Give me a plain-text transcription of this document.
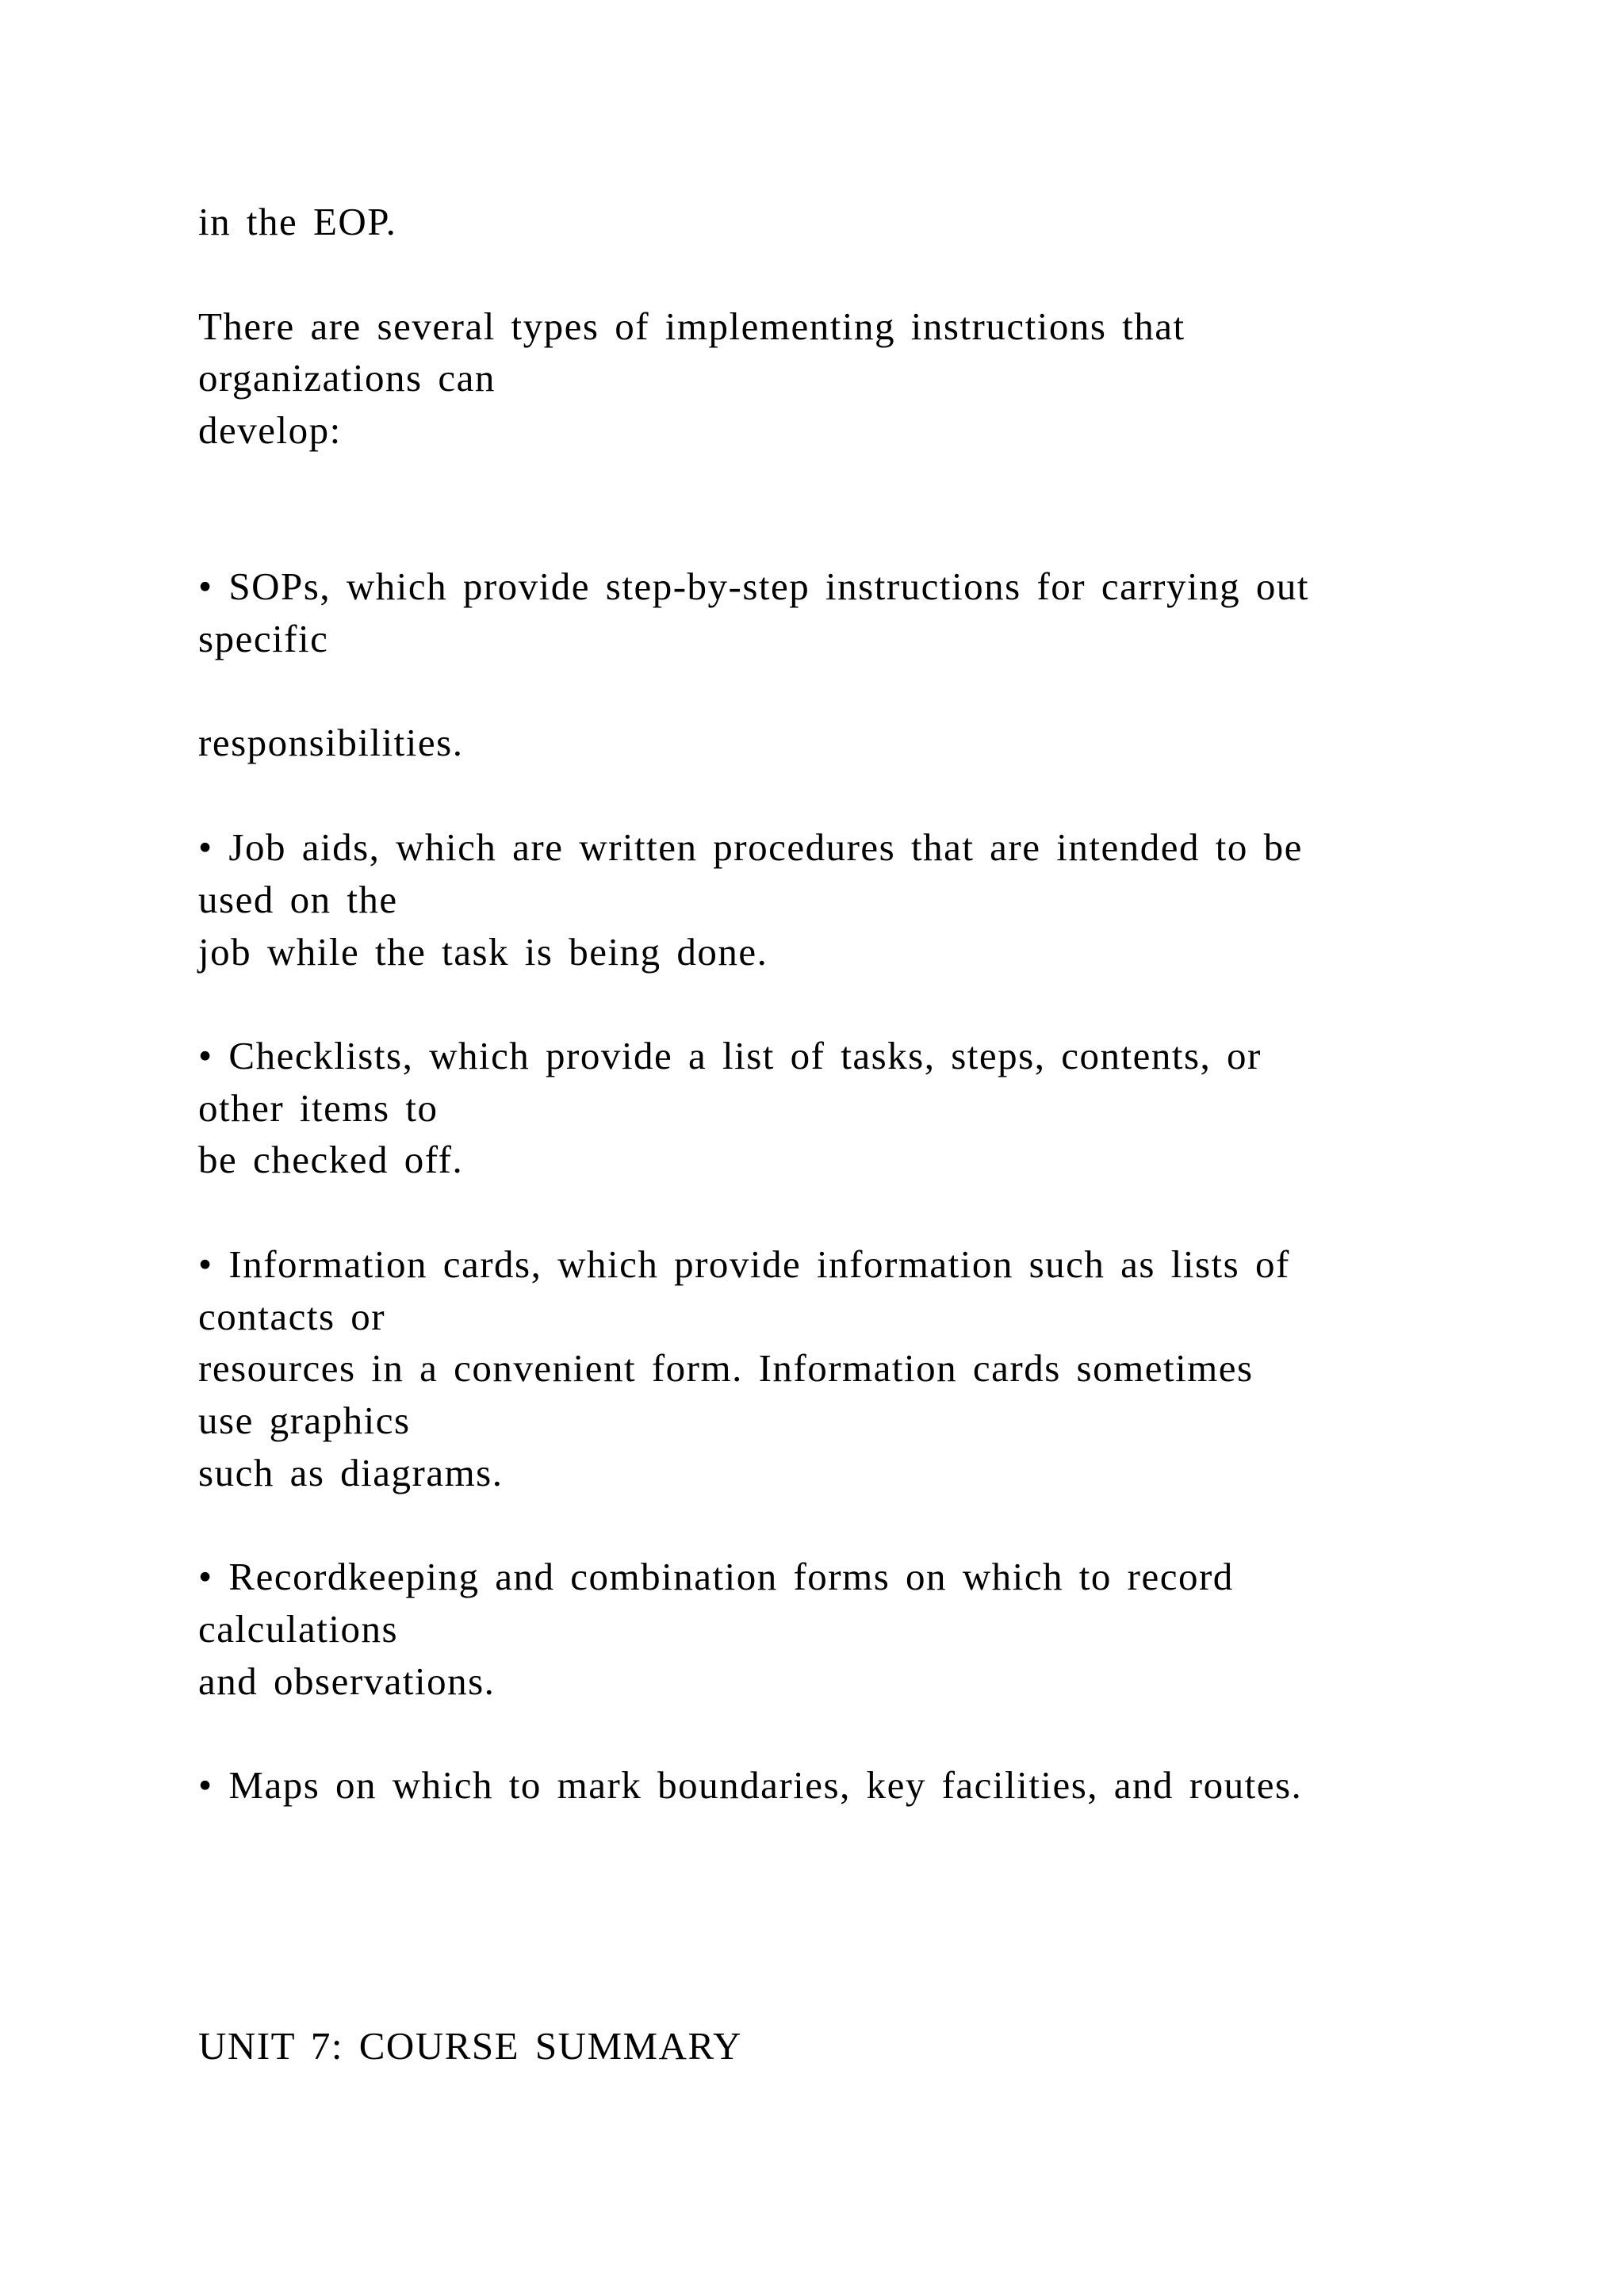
in the EOP.

There are several types of implementing instructions that

organizations can

develop:

• SOPs, which provide step-by-step instructions for carrying out

specific

responsibilities.

• Job aids, which are written procedures that are intended to be

used on the

job while the task is being done.

• Checklists, which provide a list of tasks, steps, contents, or

other items to

be checked off.

• Information cards, which provide information such as lists of

contacts or

resources in a convenient form. Information cards sometimes

use graphics

such as diagrams.

• Recordkeeping and combination forms on which to record

calculations

and observations.

• Maps on which to mark boundaries, key facilities, and routes.

UNIT 7: COURSE SUMMARY
